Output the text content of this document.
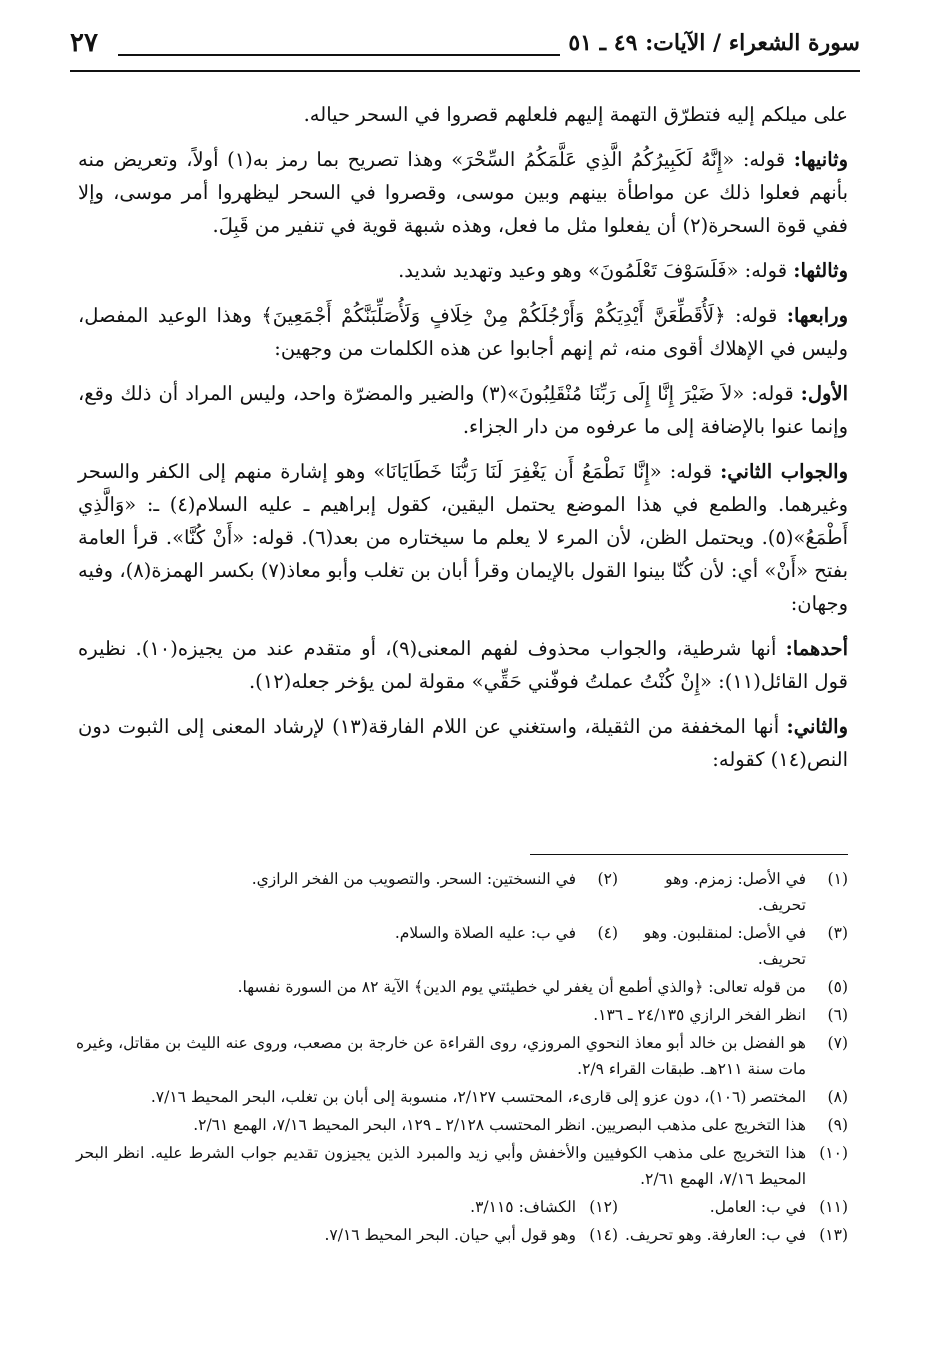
سورة الشعراء / الآيات: ٤٩ ـ ٥١
٢٧

على ميلكم إليه فتطرّق التهمة إليهم فلعلهم قصروا في السحر حياله.

وثانيها: قوله: «إِنَّهُ لَكَبِيرُكُمُ الَّذِي عَلَّمَكُمُ السِّحْرَ» وهذا تصريح بما رمز به(١) أولاً، وتعريض منه بأنهم فعلوا ذلك عن مواطأة بينهم وبين موسى، وقصروا في السحر ليظهروا أمر موسى، وإلا ففي قوة السحرة(٢) أن يفعلوا مثل ما فعل، وهذه شبهة قوية في تنفير من قَبِلَ.

وثالثها: قوله: «فَلَسَوْفَ تَعْلَمُونَ» وهو وعيد وتهديد شديد.

ورابعها: قوله: ﴿لَأُقَطِّعَنَّ أَيْدِيَكُمْ وَأَرْجُلَكُمْ مِنْ خِلَافٍ وَلَأُصَلِّبَنَّكُمْ أَجْمَعِينَ﴾ وهذا الوعيد المفصل، وليس في الإهلاك أقوى منه، ثم إنهم أجابوا عن هذه الكلمات من وجهين:

الأول: قوله: «لاَ ضَيْرَ إِنَّا إِلَى رَبِّنَا مُنْقَلِبُونَ»(٣) والضير والمضرّة واحد، وليس المراد أن ذلك وقع، وإنما عنوا بالإضافة إلى ما عرفوه من دار الجزاء.

والجواب الثاني: قوله: «إِنَّا نَطْمَعُ أَن يَغْفِرَ لَنَا رَبُّنَا خَطَايَانَا» وهو إشارة منهم إلى الكفر والسحر وغيرهما. والطمع في هذا الموضع يحتمل اليقين، كقول إبراهيم ـ عليه السلام(٤) ـ: «وَالَّذِي أَطْمَعُ»(٥). ويحتمل الظن، لأن المرء لا يعلم ما سيختاره من بعد(٦). قوله: «أَنْ كُنَّا». قرأ العامة بفتح «أَنْ» أي: لأن كُنّا بينوا القول بالإيمان وقرأ أبان بن تغلب وأبو معاذ(٧) بكسر الهمزة(٨)، وفيه وجهان:

أحدهما: أنها شرطية، والجواب محذوف لفهم المعنى(٩)، أو متقدم عند من يجيزه(١٠). نظيره قول القائل(١١): «إِنْ كُنْتُ عملتُ فوفّني حَقِّي» مقولة لمن يؤخر جعله(١٢).

والثاني: أنها المخففة من الثقيلة، واستغني عن اللام الفارقة(١٣) لإرشاد المعنى إلى الثبوت دون النص(١٤) كقوله:

(١)
في الأصل: زمزم. وهو تحريف.
(٢)
في النسختين: السحر. والتصويب من الفخر الرازي.
(٣)
في الأصل: لمنقلبون. وهو تحريف.
(٤)
في ب: عليه الصلاة والسلام.
(٥)
من قوله تعالى: ﴿والذي أطمع أن يغفر لي خطيئتي يوم الدين﴾ الآية ٨٢ من السورة نفسها.
(٦)
انظر الفخر الرازي ٢٤/١٣٥ ـ ١٣٦.
(٧)
هو الفضل بن خالد أبو معاذ النحوي المروزي، روى القراءة عن خارجة بن مصعب، وروى عنه الليث بن مقاتل، وغيره مات سنة ٢١١هـ. طبقات القراء ٢/٩.
(٨)
المختصر (١٠٦)، دون عزو إلى قارىء، المحتسب ٢/١٢٧، منسوبة إلى أبان بن تغلب، البحر المحيط ٧/١٦.
(٩)
هذا التخريج على مذهب البصريين. انظر المحتسب ٢/١٢٨ ـ ١٢٩، البحر المحيط ٧/١٦، الهمع ٢/٦١.
(١٠)
هذا التخريج على مذهب الكوفيين والأخفش وأبي زيد والمبرد الذين يجيزون تقديم جواب الشرط عليه. انظر البحر المحيط ٧/١٦، الهمع ٢/٦١.
(١١)
في ب: العامل.
(١٢)
الكشاف: ٣/١١٥.
(١٣)
في ب: العارفة. وهو تحريف.
(١٤)
وهو قول أبي حيان. البحر المحيط ٧/١٦.
